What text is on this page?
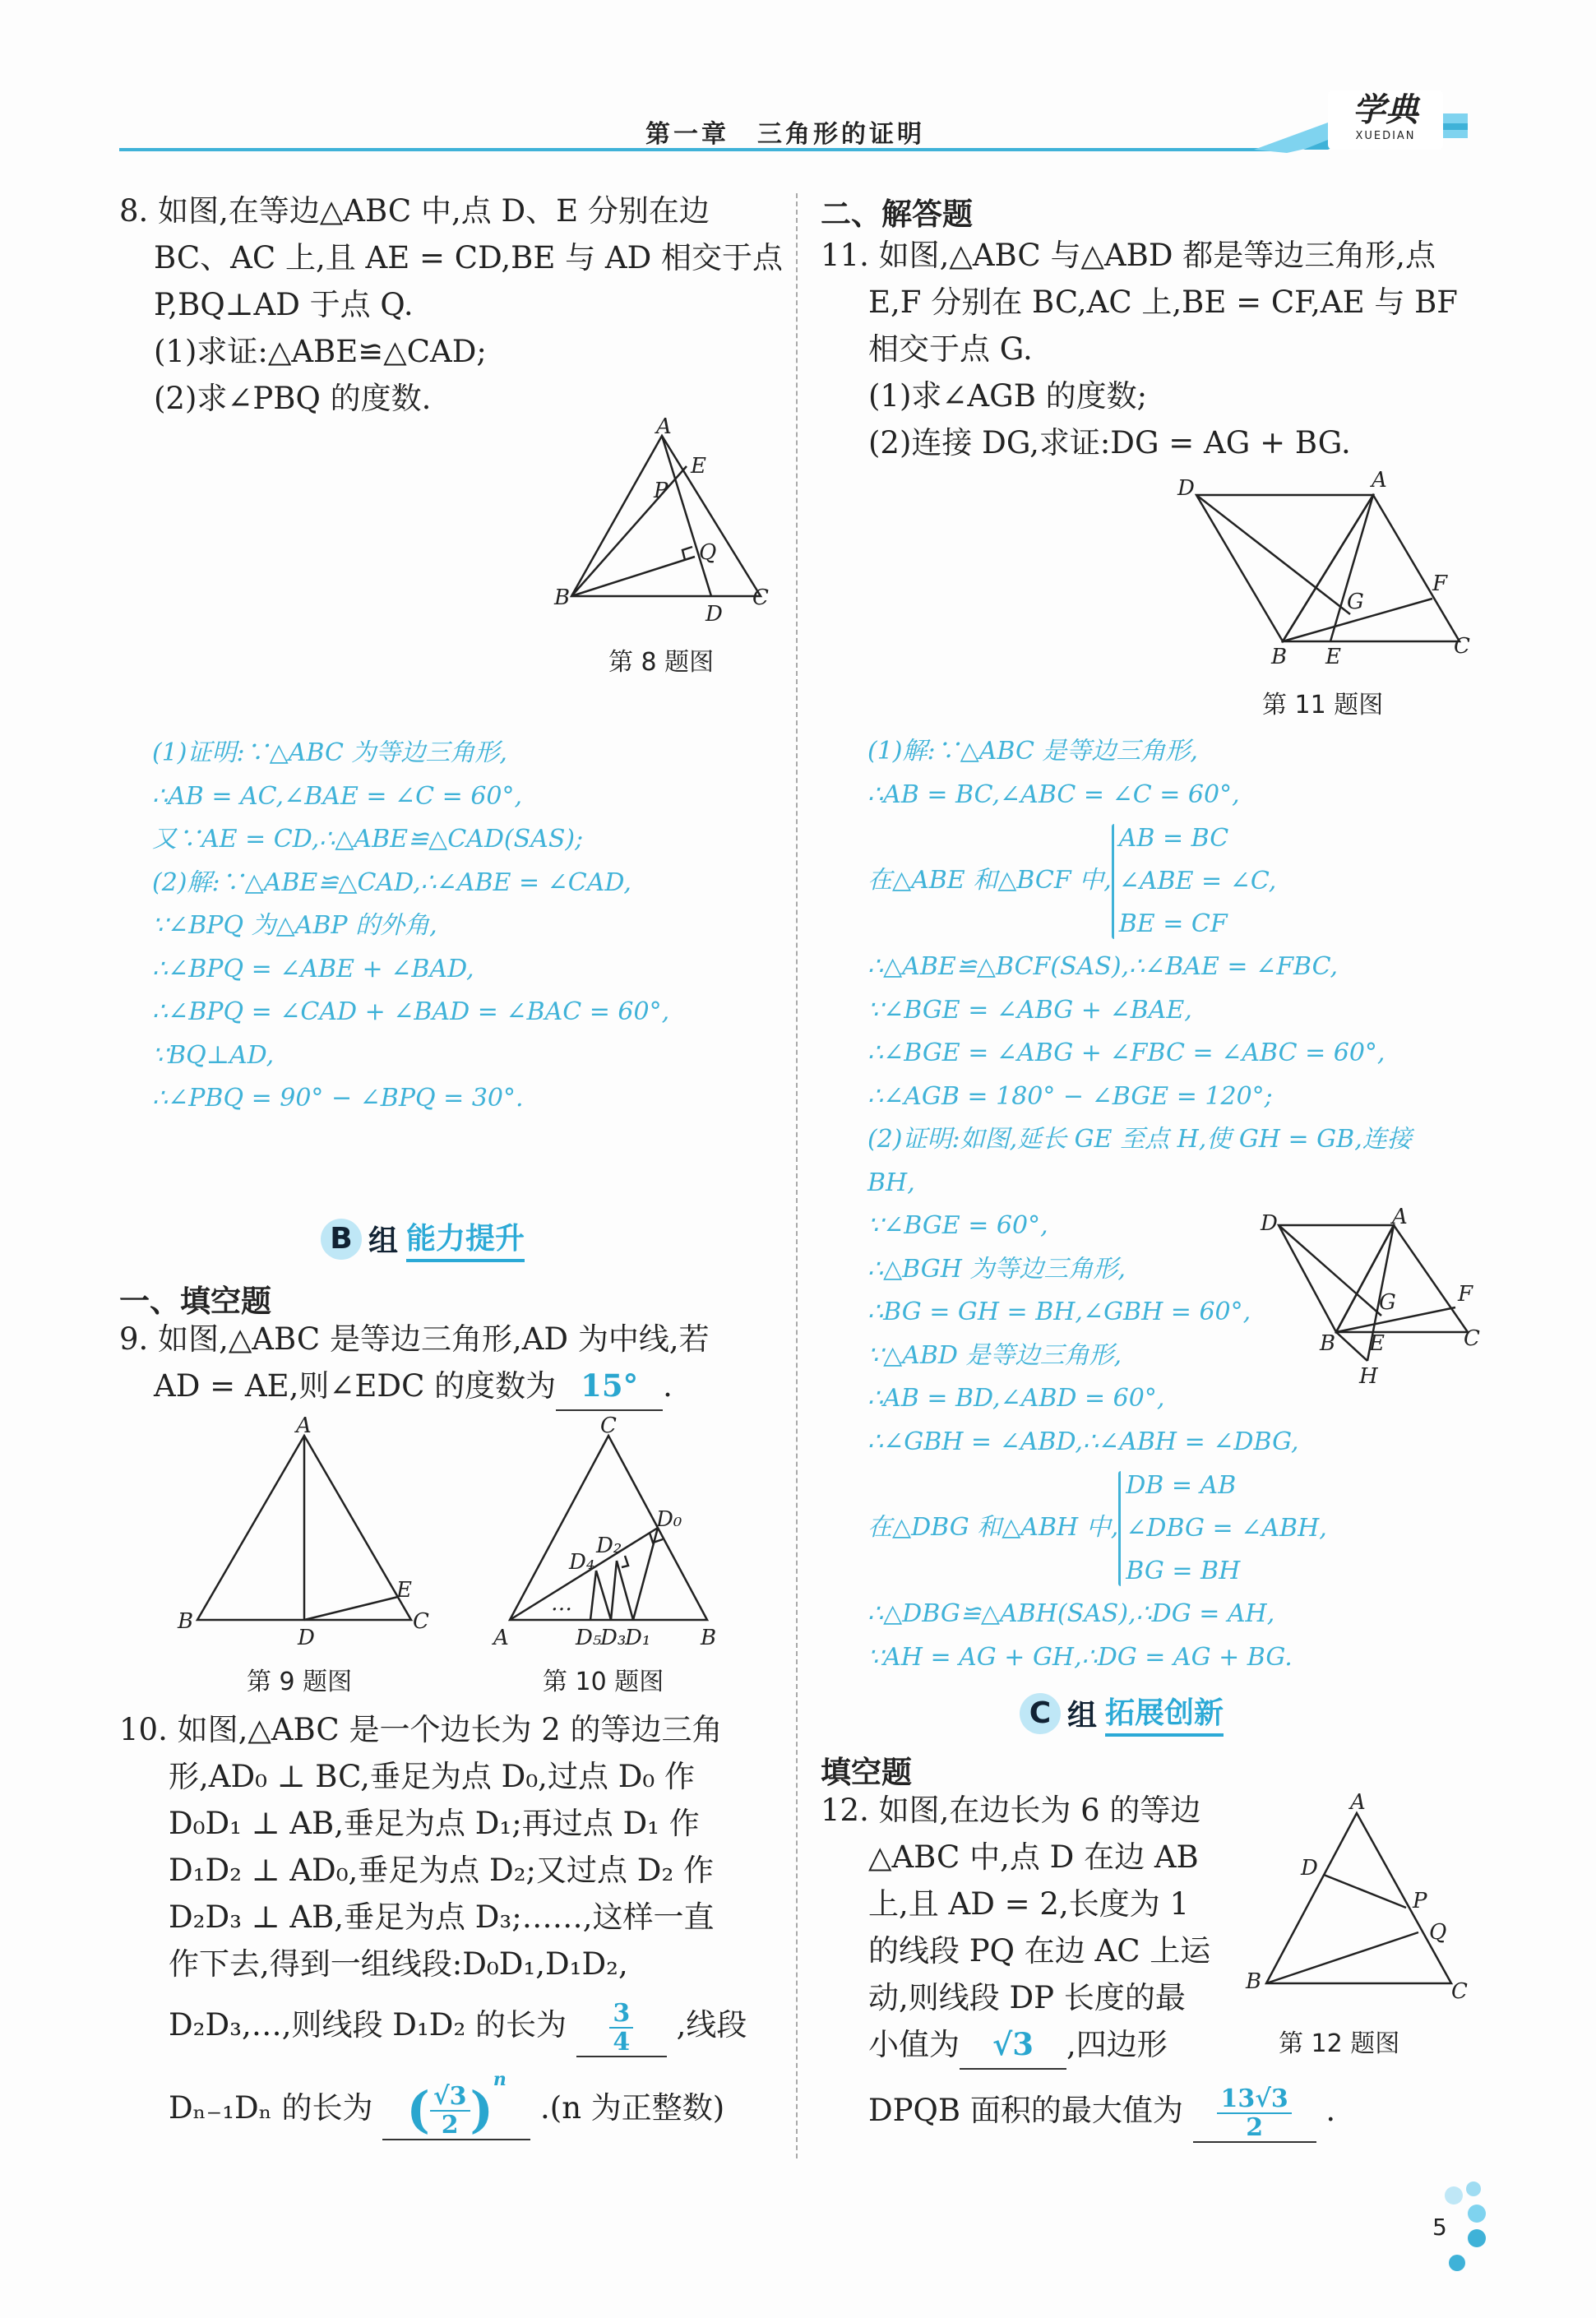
第一章　三角形的证明
学典
XUEDIAN
8. 如图,在等边△ABC 中,点 D、E 分别在边
BC、AC 上,且 AE = CD,BE 与 AD 相交于点
P,BQ⊥AD 于点 Q.
(1)求证:△ABE≌△CAD;
(2)求∠PBQ 的度数.
A
E
P
Q
B
D
C
第 8 题图
(1)证明:∵△ABC 为等边三角形,
∴AB = AC,∠BAE = ∠C = 60°,
又∵AE = CD,∴△ABE≌△CAD(SAS);
(2)解:∵△ABE≌△CAD,∴∠ABE = ∠CAD,
∵∠BPQ 为△ABP 的外角,
∴∠BPQ = ∠ABE + ∠BAD,
∴∠BPQ = ∠CAD + ∠BAD = ∠BAC = 60°,
∵BQ⊥AD,
∴∠PBQ = 90° − ∠BPQ = 30°.
B 组 能力提升
一、填空题
9. 如图,△ABC 是等边三角形,AD 为中线,若
AD = AE,则∠EDC 的度数为 15° .
A
B
D
E
C
第 9 题图
C
D₀
D₂
D₄
…
A	D₅
D₃
D₁ B
第 10 题图
10. 如图,△ABC 是一个边长为 2 的等边三角
形,AD₀ ⊥ BC,垂足为点 D₀,过点 D₀ 作
D₀D₁ ⊥ AB,垂足为点 D₁;再过点 D₁ 作
D₁D₂ ⊥ AD₀,垂足为点 D₂;又过点 D₂ 作
D₂D₃ ⊥ AB,垂足为点 D₃;……,这样一直
作下去,得到一组线段:D₀D₁,D₁D₂,
D₂D₃,…,则线段 D₁D₂ 的长为 $\frac{3}{4}$ ,线段
Dₙ₋₁Dₙ 的长为 ( $\frac{√3}{2} )^n$ .(n 为正整数)
二、解答题
11. 如图,△ABC 与△ABD 都是等边三角形,点
E,F 分别在 BC,AC 上,BE = CF,AE 与 BF
相交于点 G.
(1)求∠AGB 的度数;
(2)连接 DG,求证:DG = AG + BG.
D	A
G
F
B E	C
第 11 题图
(1)解:∵△ABC 是等边三角形,
∴AB = BC,∠ABC = ∠C = 60°,
在△ABE 和△BCF 中,
AB = BC
∠ABE = ∠C,
BE = CF
∴△ABE≌△BCF(SAS),∴∠BAE = ∠FBC,
∵∠BGE = ∠ABG + ∠BAE,
∴∠BGE = ∠ABG + ∠FBC = ∠ABC = 60°,
∴∠AGB = 180° − ∠BGE = 120°;
(2)证明:如图,延长 GE 至点 H,使 GH = GB,连接
BH,
∵∠BGE = 60°,
∴△BGH 为等边三角形,
∴BG = GH = BH,∠GBH = 60°,
∵△ABD 是等边三角形,
∴AB = BD,∠ABD = 60°,
∴∠GBH = ∠ABD,∴∠ABH = ∠DBG,
在△DBG 和△ABH 中,
DB = AB
∠DBG = ∠ABH,
BG = BH
∴△DBG≌△ABH(SAS),∴DG = AH,
∵AH = AG + GH,∴DG = AG + BG.
D	A
G	F
B E	C
H
C 组 拓展创新
填空题
12. 如图,在边长为 6 的等边
△ABC 中,点 D 在边 AB
上,且 AD = 2,长度为 1
的线段 PQ 在边 AC 上运
动,则线段 DP 长度的最
小值为 √3 ,四边形
DPQB 面积的最大值为 $\frac{13√3}{2}$ .
A
D
P
Q
B	C
第 12 题图
5
